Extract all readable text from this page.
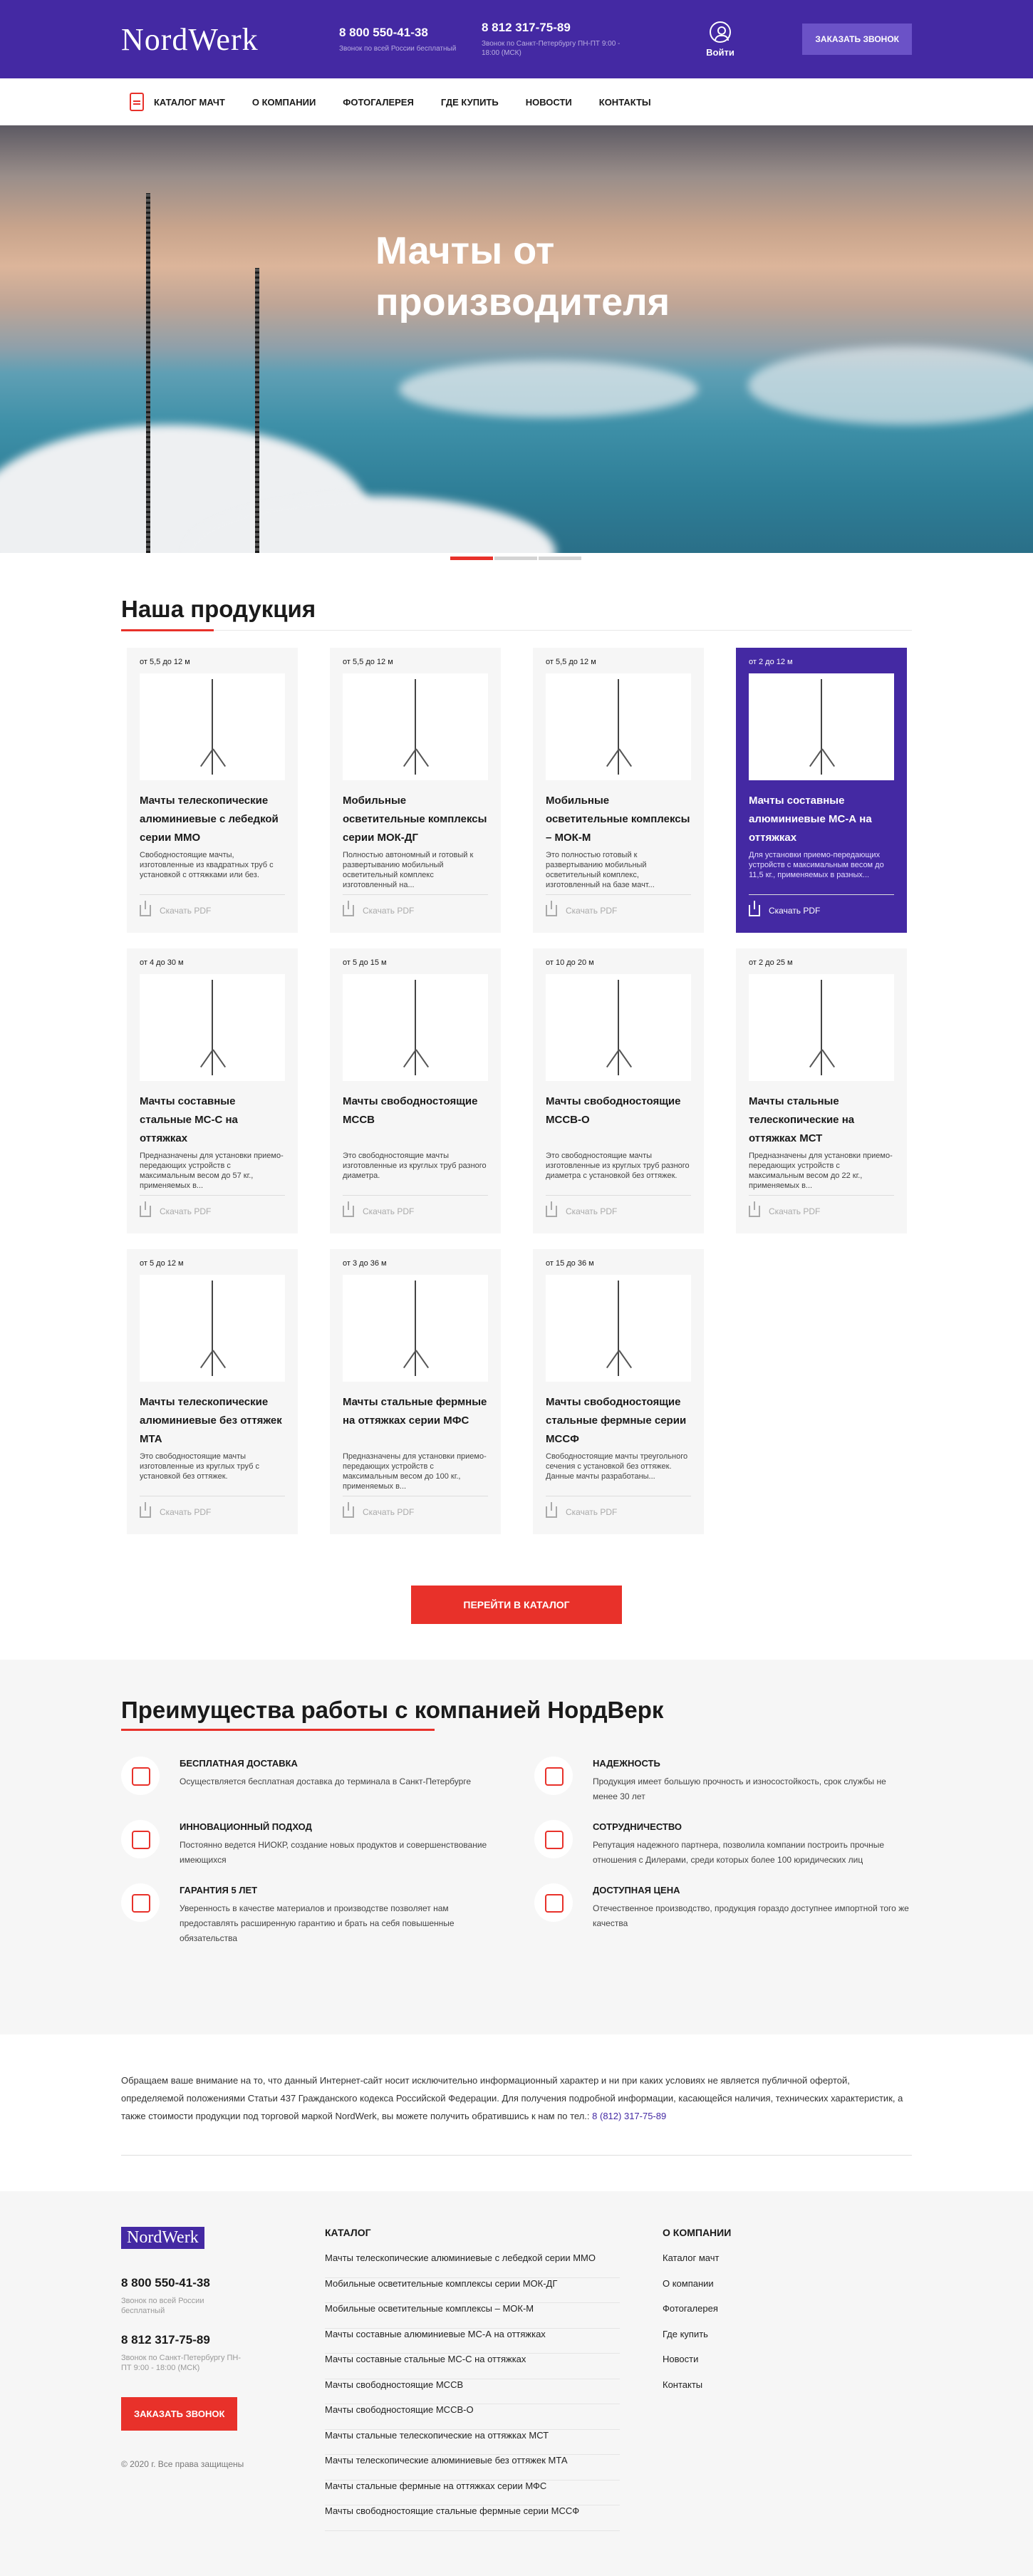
NordWerk	8 800 550-41-38
Звонок по всей России бесплатный
8 812 317-75-89
Звонок по Санкт-Петербургу ПН-ПТ 9:00 - 18:00 (МСК)	Войти
ЗАКАЗАТЬ ЗВОНОК
КАТАЛОГ МАЧТ	О КОМПАНИИ	ФОТОГАЛЕРЕЯ	ГДЕ КУПИТЬ	НОВОСТИ	КОНТАКТЫ
Мачты от производителя
Наша продукция
от 5,5 до 12 м
Мачты телескопические алюминиевые с лебедкой серии ММО
Свободностоящие мачты, изготовленные из квадратных труб с установкой с оттяжками или без.
Скачать PDF
от 5,5 до 12 м
Мобильные осветительные комплексы серии МОК-ДГ
Полностью автономный и готовый к развертыванию мобильный осветительный комплекс изготовленный на...
Скачать PDF
от 5,5 до 12 м
Мобильные осветительные комплексы – МОК-М
Это полностью готовый к развертыванию мобильный осветительный комплекс, изготовленный на базе мачт...
Скачать PDF
от 2 до 12 м
Мачты составные алюминиевые МС-А на оттяжках
Для установки приемо-передающих устройств с максимальным весом до 11,5 кг., применяемых в разных...
Скачать PDF
от 4 до 30 м
Мачты составные стальные МС-С на оттяжках
Предназначены для установки приемо-передающих устройств с максимальным весом до 57 кг., применяемых в...
Скачать PDF
от 5 до 15 м
Мачты свободностоящие МССВ
Это свободностоящие мачты изготовленные из круглых труб разного диаметра.
Скачать PDF
от 10 до 20 м
Мачты свободностоящие МССВ-О
Это свободностоящие мачты изготовленные из круглых труб разного диаметра с установкой без оттяжек.
Скачать PDF
от 2 до 25 м
Мачты стальные телескопические на оттяжках МСТ
Предназначены для установки приемо-передающих устройств с максимальным весом до 22 кг., применяемых в...
Скачать PDF
от 5 до 12 м
Мачты телескопические алюминиевые без оттяжек МТА
Это свободностоящие мачты изготовленные из круглых труб с установкой без оттяжек.
Скачать PDF
от 3 до 36 м
Мачты стальные фермные на оттяжках серии МФС
Предназначены для установки приемо-передающих устройств с максимальным весом до 100 кг., применяемых в...
Скачать PDF
от 15 до 36 м
Мачты свободностоящие стальные фермные серии МССФ
Свободностоящие мачты треугольного сечения с установкой без оттяжек. Данные мачты разработаны...
Скачать PDF
ПЕРЕЙТИ В КАТАЛОГ
Преимущества работы с компанией НордВерк
БЕСПЛАТНАЯ ДОСТАВКА

Осуществляется бесплатная доставка до терминала в Санкт-Петербурге

НАДЕЖНОСТЬ

Продукция имеет большую прочность и износостойкость, срок службы не менее 30 лет

ИННОВАЦИОННЫЙ ПОДХОД

Постоянно ведется НИОКР, создание новых продуктов и совершенствование имеющихся

СОТРУДНИЧЕСТВО

Репутация надежного партнера, позволила компании построить прочные отношения с Дилерами, среди которых более 100 юридических лиц

ГАРАНТИЯ 5 ЛЕТ

Уверенность в качестве материалов и производстве позволяет нам предоставлять расширенную гарантию и брать на себя повышенные обязательства

ДОСТУПНАЯ ЦЕНА

Отечественное производство, продукция гораздо доступнее импортной того же качества

Обращаем ваше внимание на то, что данный Интернет-сайт носит исключительно информационный характер и ни при каких условиях не является публичной офертой, определяемой положениями Статьи 437 Гражданского кодекса Российской Федерации. Для получения подробной информации, касающейся наличия, технических характеристик, а также стоимости продукции под торговой маркой NordWerk, вы можете получить обратившись к нам по тел.: 8 (812) 317-75-89
NordWerk
8 800 550-41-38
Звонок по всей России бесплатный
8 812 317-75-89
Звонок по Санкт-Петербургу ПН-ПТ 9:00 - 18:00 (МСК)
ЗАКАЗАТЬ ЗВОНОК
© 2020 г. Все права защищены
КАТАЛОГ
Мачты телескопические алюминиевые с лебедкой серии ММО
Мобильные осветительные комплексы серии МОК-ДГ
Мобильные осветительные комплексы – МОК-М
Мачты составные алюминиевые МС-А на оттяжках
Мачты составные стальные МС-С на оттяжках
Мачты свободностоящие МССВ
Мачты свободностоящие МССВ-О
Мачты стальные телескопические на оттяжках МСТ
Мачты телескопические алюминиевые без оттяжек МТА
Мачты стальные фермные на оттяжках серии МФС
Мачты свободностоящие стальные фермные серии МССФ
О КОМПАНИИ
Каталог мачт
О компании
Фотогалерея
Где купить
Новости
Контакты
